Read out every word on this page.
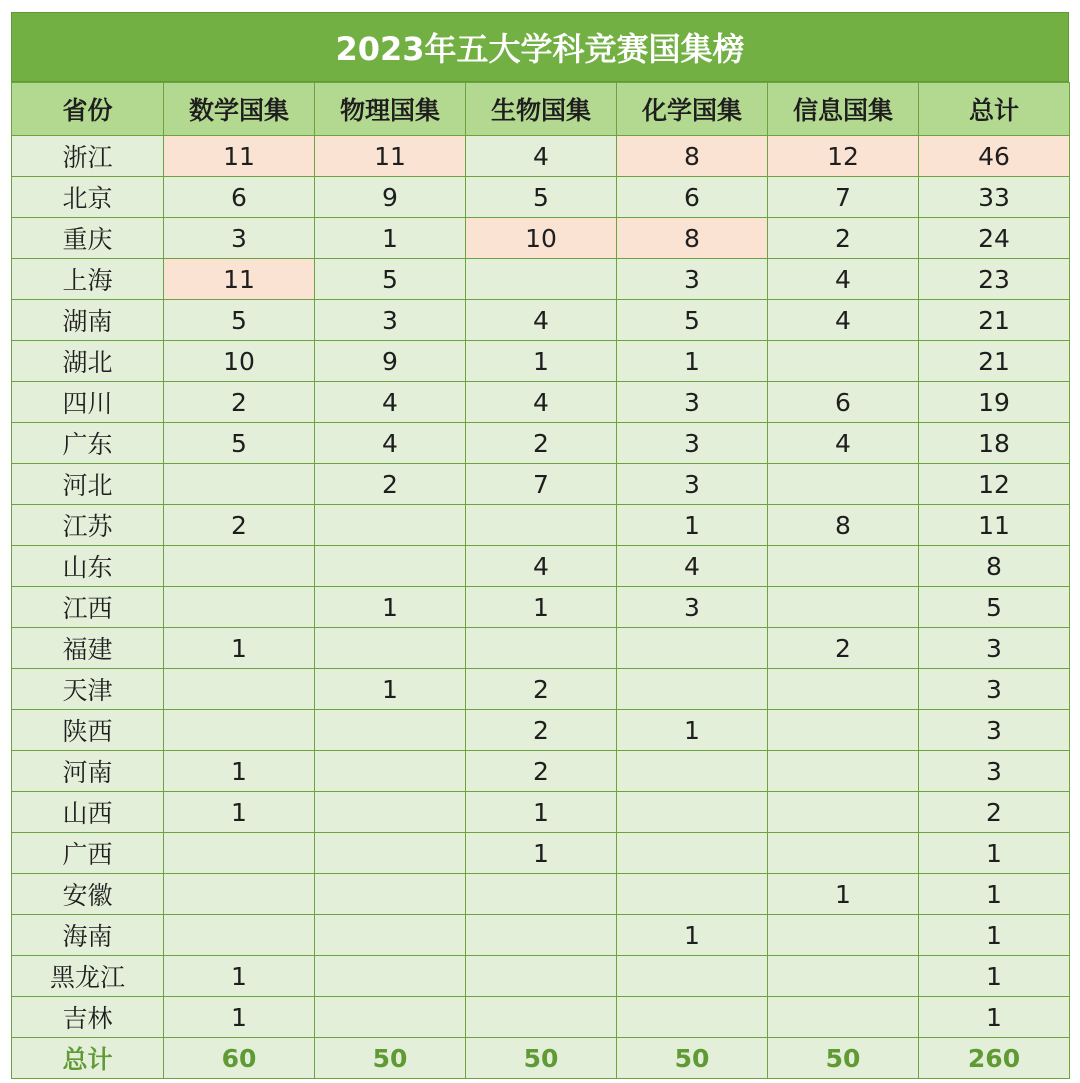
2023年五大学科竞赛国集榜
省份	数学国集	物理国集	生物国集	化学国集	信息国集	总计
浙江	11	11	4	8	12	46
北京	6	9	5	6	7	33
重庆	3	1	10	8	2	24
上海	11	5		3	4	23
湖南	5	3	4	5	4	21
湖北	10	9	1	1		21
四川	2	4	4	3	6	19
广东	5	4	2	3	4	18
河北		2	7	3		12
江苏	2			1	8	11
山东			4	4		8
江西		1	1	3		5
福建	1				2	3
天津		1	2			3
陕西			2	1		3
河南	1		2			3
山西	1		1			2
广西			1			1
安徽					1	1
海南				1		1
黑龙江	1					1
吉林	1					1
总计	60	50	50	50	50	260
